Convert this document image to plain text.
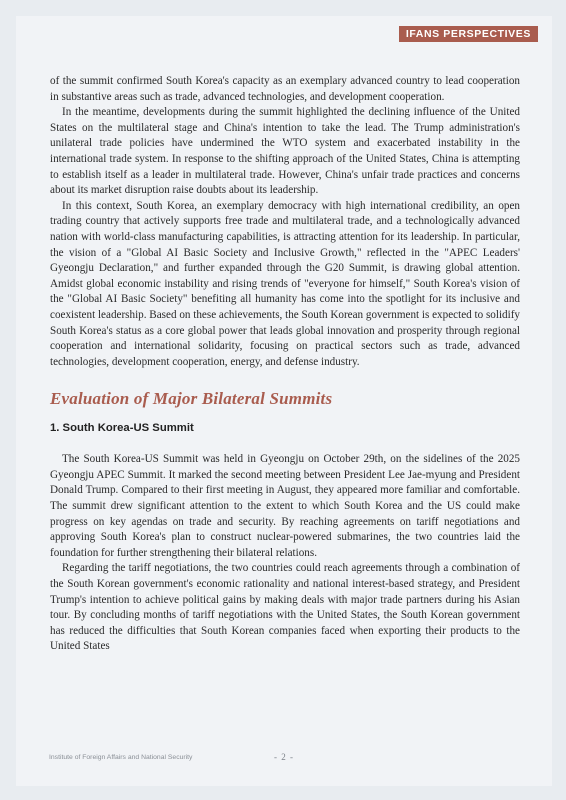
IFANS PERSPECTIVES

of the summit confirmed South Korea's capacity as an exemplary advanced country to lead cooperation in substantive areas such as trade, advanced technologies, and development cooperation.

In the meantime, developments during the summit highlighted the declining influence of the United States on the multilateral stage and China's intention to take the lead. The Trump administration's unilateral trade policies have undermined the WTO system and exacerbated instability in the international trade system. In response to the shifting approach of the United States, China is attempting to establish itself as a leader in multilateral trade. However, China's unfair trade practices and concerns about its market disruption raise doubts about its leadership.

In this context, South Korea, an exemplary democracy with high international credibility, an open trading country that actively supports free trade and multilateral trade, and a technologically advanced nation with world-class manufacturing capabilities, is attracting attention for its leadership. In particular, the vision of a "Global AI Basic Society and Inclusive Growth," reflected in the "APEC Leaders' Gyeongju Declaration," and further expanded through the G20 Summit, is drawing global attention. Amidst global economic instability and rising trends of "everyone for himself," South Korea's vision of the "Global AI Basic Society" benefiting all humanity has come into the spotlight for its inclusive and coexistent leadership. Based on these achievements, the South Korean government is expected to solidify South Korea's status as a core global power that leads global innovation and prosperity through regional cooperation and international solidarity, focusing on practical sectors such as trade, advanced technologies, development cooperation, energy, and defense industry.

Evaluation of Major Bilateral Summits
1. South Korea-US Summit

The South Korea-US Summit was held in Gyeongju on October 29th, on the sidelines of the 2025 Gyeongju APEC Summit. It marked the second meeting between President Lee Jae-myung and President Donald Trump. Compared to their first meeting in August, they appeared more familiar and comfortable. The summit drew significant attention to the extent to which South Korea and the US could make progress on key agendas on trade and security. By reaching agreements on tariff negotiations and approving South Korea's plan to construct nuclear-powered submarines, the two countries laid the foundation for further strengthening their bilateral relations.

Regarding the tariff negotiations, the two countries could reach agreements through a combination of the South Korean government's economic rationality and national interest-based strategy, and President Trump's intention to achieve political gains by making deals with major trade partners during his Asian tour. By concluding months of tariff negotiations with the United States, the South Korean government has reduced the difficulties that South Korean companies faced when exporting their products to the United States

Institute of Foreign Affairs and National Security	- 2 -
